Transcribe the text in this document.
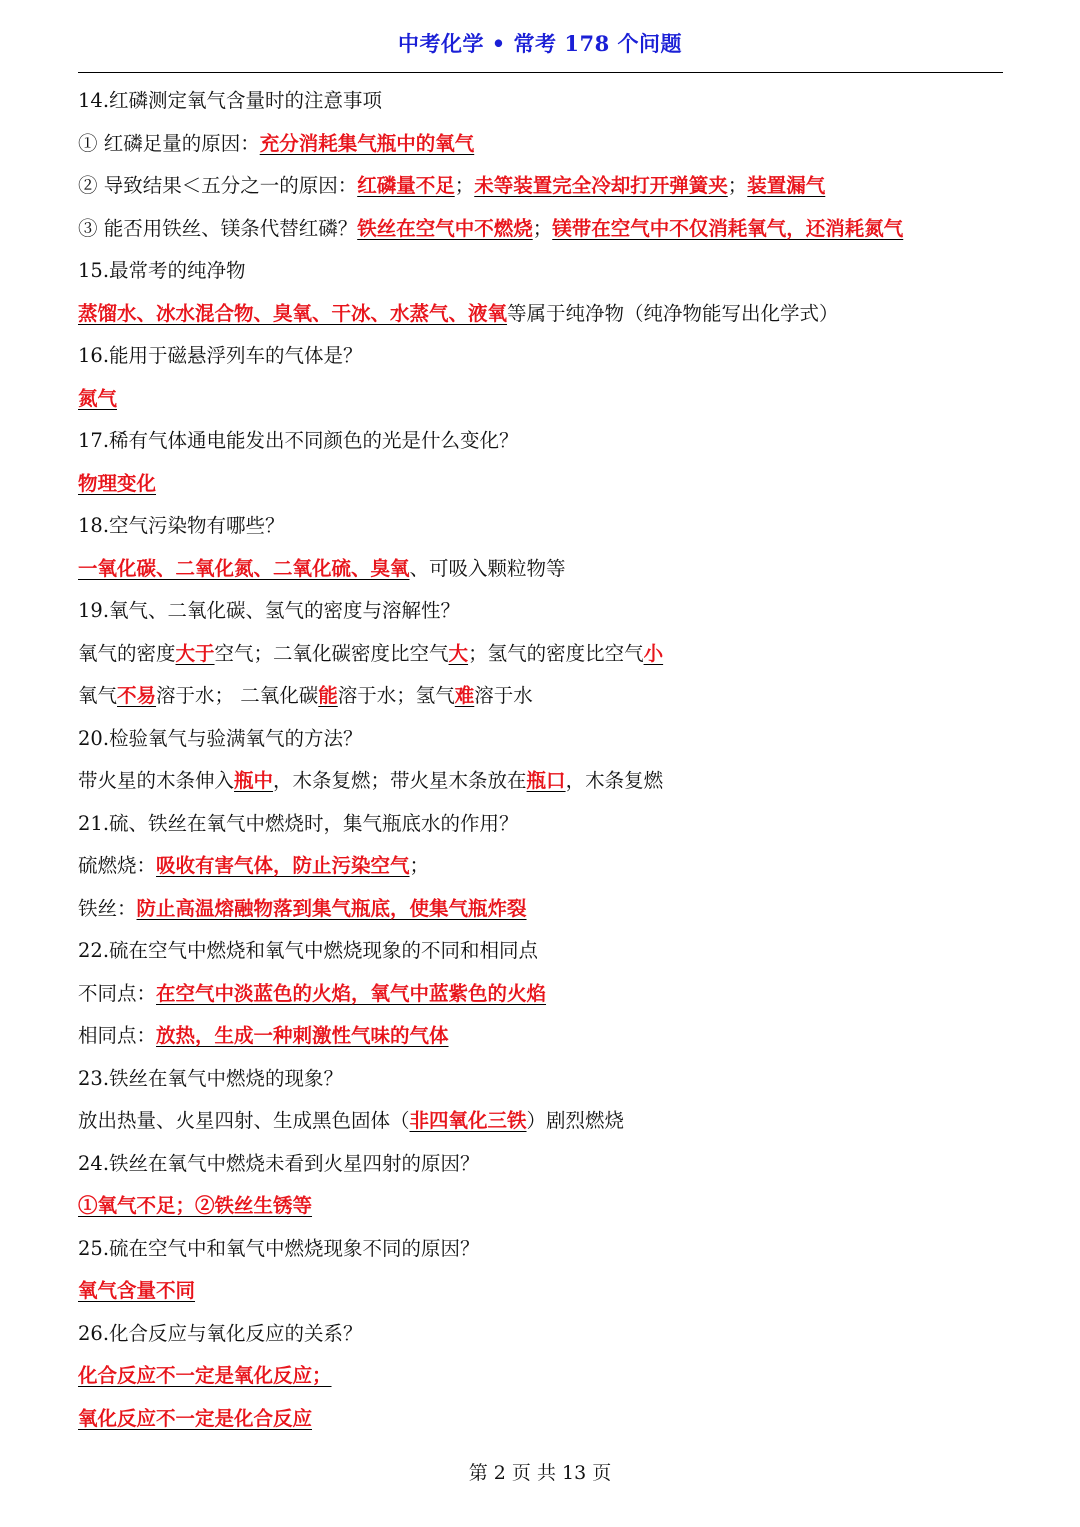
中考化学 • 常考 178 个问题
14.红磷测定氧气含量时的注意事项
① 红磷足量的原因：充分消耗集气瓶中的氧气
② 导致结果＜五分之一的原因：红磷量不足；未等装置完全冷却打开弹簧夹；装置漏气
③ 能否用铁丝、镁条代替红磷？铁丝在空气中不燃烧；镁带在空气中不仅消耗氧气，还消耗氮气
15.最常考的纯净物
蒸馏水、冰水混合物、臭氧、干冰、水蒸气、液氧等属于纯净物（纯净物能写出化学式）
16.能用于磁悬浮列车的气体是？
氮气
17.稀有气体通电能发出不同颜色的光是什么变化？
物理变化
18.空气污染物有哪些？
一氧化碳、二氧化氮、二氧化硫、臭氧、可吸入颗粒物等
19.氧气、二氧化碳、氢气的密度与溶解性？
氧气的密度大于空气；二氧化碳密度比空气大；氢气的密度比空气小
氧气不易溶于水； 二氧化碳能溶于水；氢气难溶于水
20.检验氧气与验满氧气的方法？
带火星的木条伸入瓶中，木条复燃；带火星木条放在瓶口，木条复燃
21.硫、铁丝在氧气中燃烧时，集气瓶底水的作用？
硫燃烧：吸收有害气体，防止污染空气；
铁丝：防止高温熔融物落到集气瓶底，使集气瓶炸裂
22.硫在空气中燃烧和氧气中燃烧现象的不同和相同点
不同点：在空气中淡蓝色的火焰，氧气中蓝紫色的火焰
相同点：放热，生成一种刺激性气味的气体
23.铁丝在氧气中燃烧的现象？
放出热量、火星四射、生成黑色固体（非四氧化三铁）剧烈燃烧
24.铁丝在氧气中燃烧未看到火星四射的原因？
①氧气不足；②铁丝生锈等
25.硫在空气中和氧气中燃烧现象不同的原因？
氧气含量不同
26.化合反应与氧化反应的关系？
化合反应不一定是氧化反应；
氧化反应不一定是化合反应
第 2 页 共 13 页
